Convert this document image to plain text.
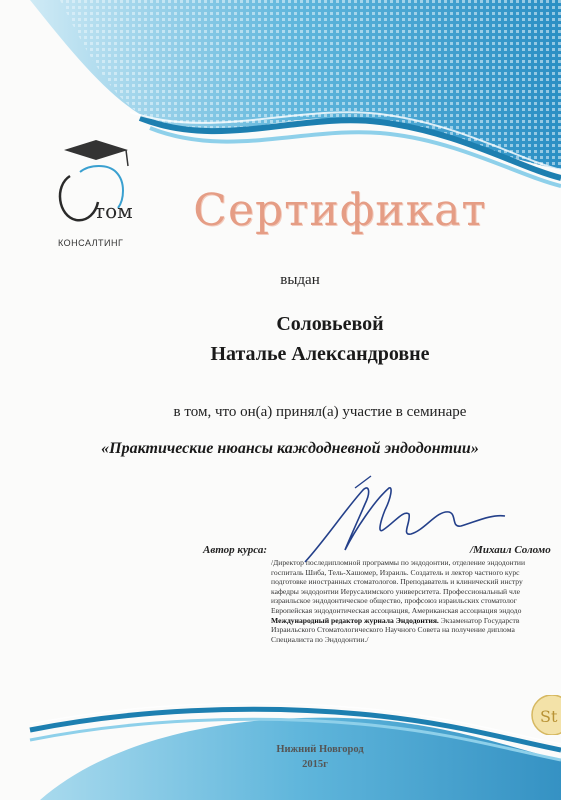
том
КОНСАЛТИНГ
Сертификат
выдан
Соловьевой
Наталье Александровне
в том, что он(а) принял(а) участие в семинаре
«Практические нюансы каждодневной эндодонтии»
Автор курса:	/Михаил Соломо
/Директор последипломной программы по эндодонтии, отделение эндодонтии
госпиталь Шиба, Тель-Хашомер, Израиль. Создатель и лектор частного курс
подготовке иностранных стоматологов. Преподаватель и клинический инстру
кафедры эндодонтии Иерусалимского университета. Профессиональный чле
израильское эндодонтическое общество, профсоюз израильских стоматолог
Европейская эндодонтическая ассоциация, Американская ассоциация эндодо
Международный редактор журнала Эндодонтия. Экзаменатор Государств
Израильского Стоматологического Научного Совета на получение диплома
Специалиста по Эндодонтии./
St
Нижний Новгород
2015г
